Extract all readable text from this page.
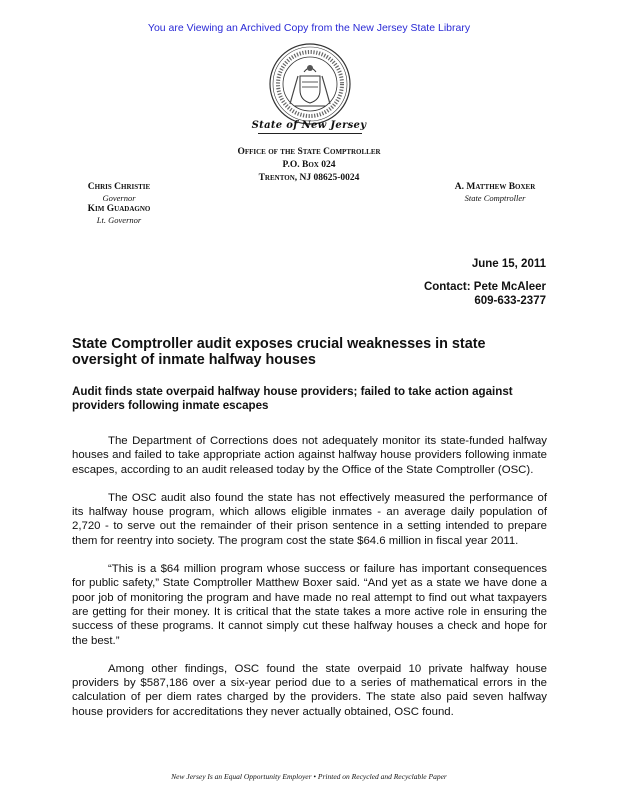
You are Viewing an Archived Copy from the New Jersey State Library
State of New Jersey
Office of the State Comptroller
P.O. Box 024
Trenton, NJ 08625-0024
Chris Christie
Governor
Kim Guadagno
Lt. Governor
A. Matthew Boxer
State Comptroller
June 15, 2011
Contact: Pete McAleer
609-633-2377
State Comptroller audit exposes crucial weaknesses in state oversight of inmate halfway houses
Audit finds state overpaid halfway house providers; failed to take action against providers following inmate escapes

The Department of Corrections does not adequately monitor its state-funded halfway houses and failed to take appropriate action against halfway house providers following inmate escapes, according to an audit released today by the Office of the State Comptroller (OSC).

The OSC audit also found the state has not effectively measured the performance of its halfway house program, which allows eligible inmates - an average daily population of 2,720 - to serve out the remainder of their prison sentence in a setting intended to prepare them for reentry into society. The program cost the state $64.6 million in fiscal year 2011.

“This is a $64 million program whose success or failure has important consequences for public safety,” State Comptroller Matthew Boxer said. “And yet as a state we have done a poor job of monitoring the program and have made no real attempt to find out what taxpayers are getting for their money. It is critical that the state takes a more active role in ensuring the success of these programs. It cannot simply cut these halfway houses a check and hope for the best.”

Among other findings, OSC found the state overpaid 10 private halfway house providers by $587,186 over a six-year period due to a series of mathematical errors in the calculation of per diem rates charged by the providers. The state also paid seven halfway house providers for accreditations they never actually obtained, OSC found.

New Jersey Is an Equal Opportunity Employer • Printed on Recycled and Recyclable Paper
